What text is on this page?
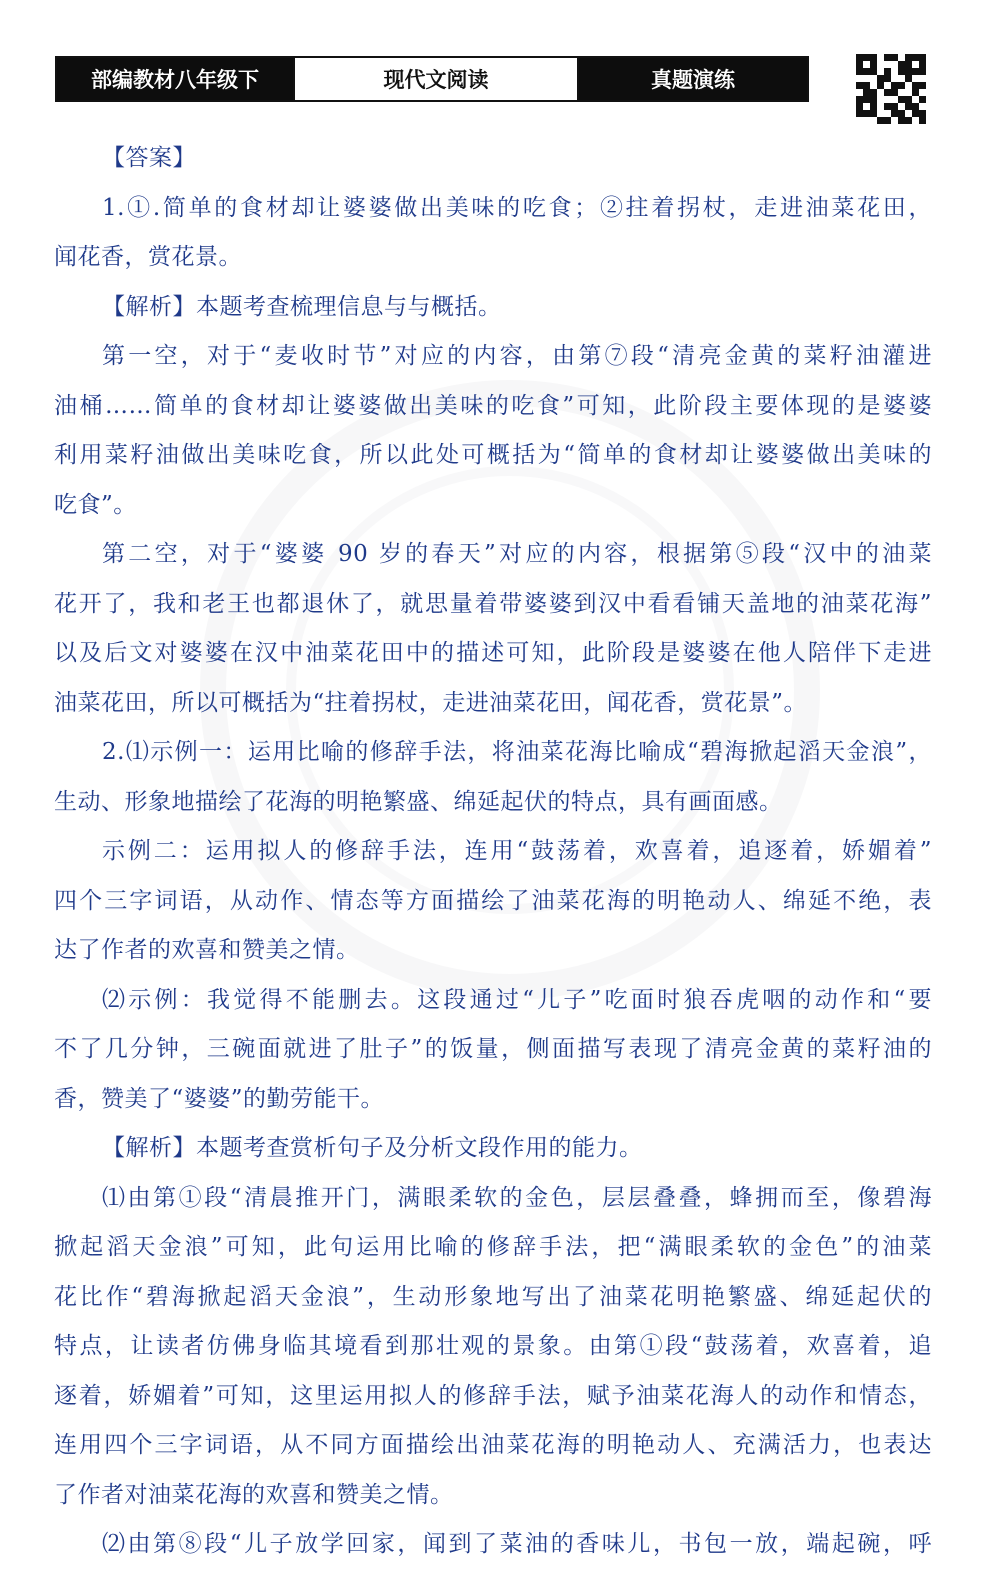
部编教材八年级下	现代文阅读	真题演练
【答案】
1.①.简单的食材却让婆婆做出美味的吃食；②拄着拐杖，走进油菜花田，
闻花香，赏花景。
【解析】本题考查梳理信息与与概括。
第一空，对于“麦收时节”对应的内容，由第⑦段“清亮金黄的菜籽油灌进
油桶……简单的食材却让婆婆做出美味的吃食”可知，此阶段主要体现的是婆婆
利用菜籽油做出美味吃食，所以此处可概括为“简单的食材却让婆婆做出美味的
吃食”。
第二空，对于“婆婆 90 岁的春天”对应的内容，根据第⑤段“汉中的油菜
花开了，我和老王也都退休了，就思量着带婆婆到汉中看看铺天盖地的油菜花海”
以及后文对婆婆在汉中油菜花田中的描述可知，此阶段是婆婆在他人陪伴下走进
油菜花田，所以可概括为“拄着拐杖，走进油菜花田，闻花香，赏花景”。
2.⑴示例一：运用比喻的修辞手法，将油菜花海比喻成“碧海掀起滔天金浪”，
生动、形象地描绘了花海的明艳繁盛、绵延起伏的特点，具有画面感。
示例二：运用拟人的修辞手法，连用“鼓荡着，欢喜着，追逐着，娇媚着”
四个三字词语，从动作、情态等方面描绘了油菜花海的明艳动人、绵延不绝，表
达了作者的欢喜和赞美之情。
⑵示例：我觉得不能删去。这段通过“儿子”吃面时狼吞虎咽的动作和“要
不了几分钟，三碗面就进了肚子”的饭量，侧面描写表现了清亮金黄的菜籽油的
香，赞美了“婆婆”的勤劳能干。
【解析】本题考查赏析句子及分析文段作用的能力。
⑴由第①段“清晨推开门，满眼柔软的金色，层层叠叠，蜂拥而至，像碧海
掀起滔天金浪”可知，此句运用比喻的修辞手法，把“满眼柔软的金色”的油菜
花比作“碧海掀起滔天金浪”，生动形象地写出了油菜花明艳繁盛、绵延起伏的
特点，让读者仿佛身临其境看到那壮观的景象。由第①段“鼓荡着，欢喜着，追
逐着，娇媚着”可知，这里运用拟人的修辞手法，赋予油菜花海人的动作和情态，
连用四个三字词语，从不同方面描绘出油菜花海的明艳动人、充满活力，也表达
了作者对油菜花海的欢喜和赞美之情。
⑵由第⑧段“儿子放学回家，闻到了菜油的香味儿，书包一放，端起碗，呼
